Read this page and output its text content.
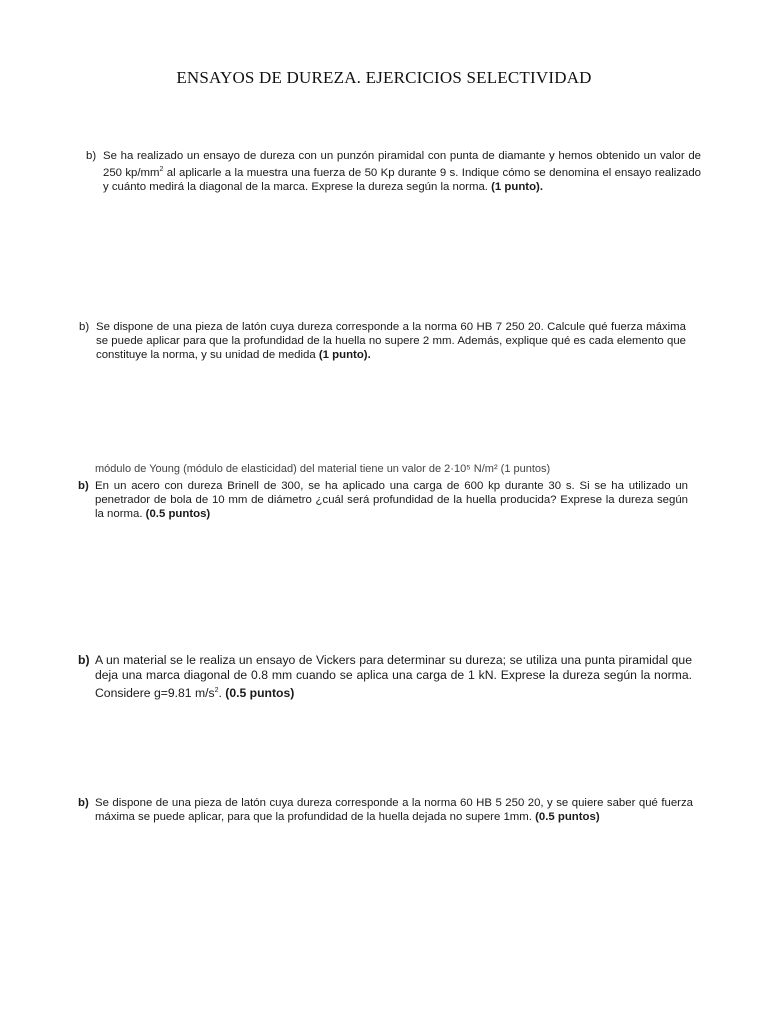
ENSAYOS DE DUREZA. EJERCICIOS SELECTIVIDAD
b) Se ha realizado un ensayo de dureza con un punzón piramidal con punta de diamante y hemos obtenido un valor de 250 $kp/mm^2$ al aplicarle a la muestra una fuerza de 50 Kp durante 9 s. Indique cómo se denomina el ensayo realizado y cuánto medirá la diagonal de la marca. Exprese la dureza según la norma. (1 punto).
b) Se dispone de una pieza de latón cuya dureza corresponde a la norma 60 HB 7 250 20. Calcule qué fuerza máxima se puede aplicar para que la profundidad de la huella no supere 2 mm. Además, explique qué es cada elemento que constituye la norma, y su unidad de medida (1 punto).
módulo de Young (módulo de elasticidad) del material tiene un valor de 2·10⁵ N/m² (1 puntos)
b) En un acero con dureza Brinell de 300, se ha aplicado una carga de 600 kp durante 30 s. Si se ha utilizado un penetrador de bola de 10 mm de diámetro ¿cuál será profundidad de la huella producida? Exprese la dureza según la norma. (0.5 puntos)
b) A un material se le realiza un ensayo de Vickers para determinar su dureza; se utiliza una punta piramidal que deja una marca diagonal de 0.8 mm cuando se aplica una carga de 1 kN. Exprese la dureza según la norma. Considere g=9.81 $m/s^2$. (0.5 puntos)
b) Se dispone de una pieza de latón cuya dureza corresponde a la norma 60 HB 5 250 20, y se quiere saber qué fuerza máxima se puede aplicar, para que la profundidad de la huella dejada no supere 1mm. (0.5 puntos)
